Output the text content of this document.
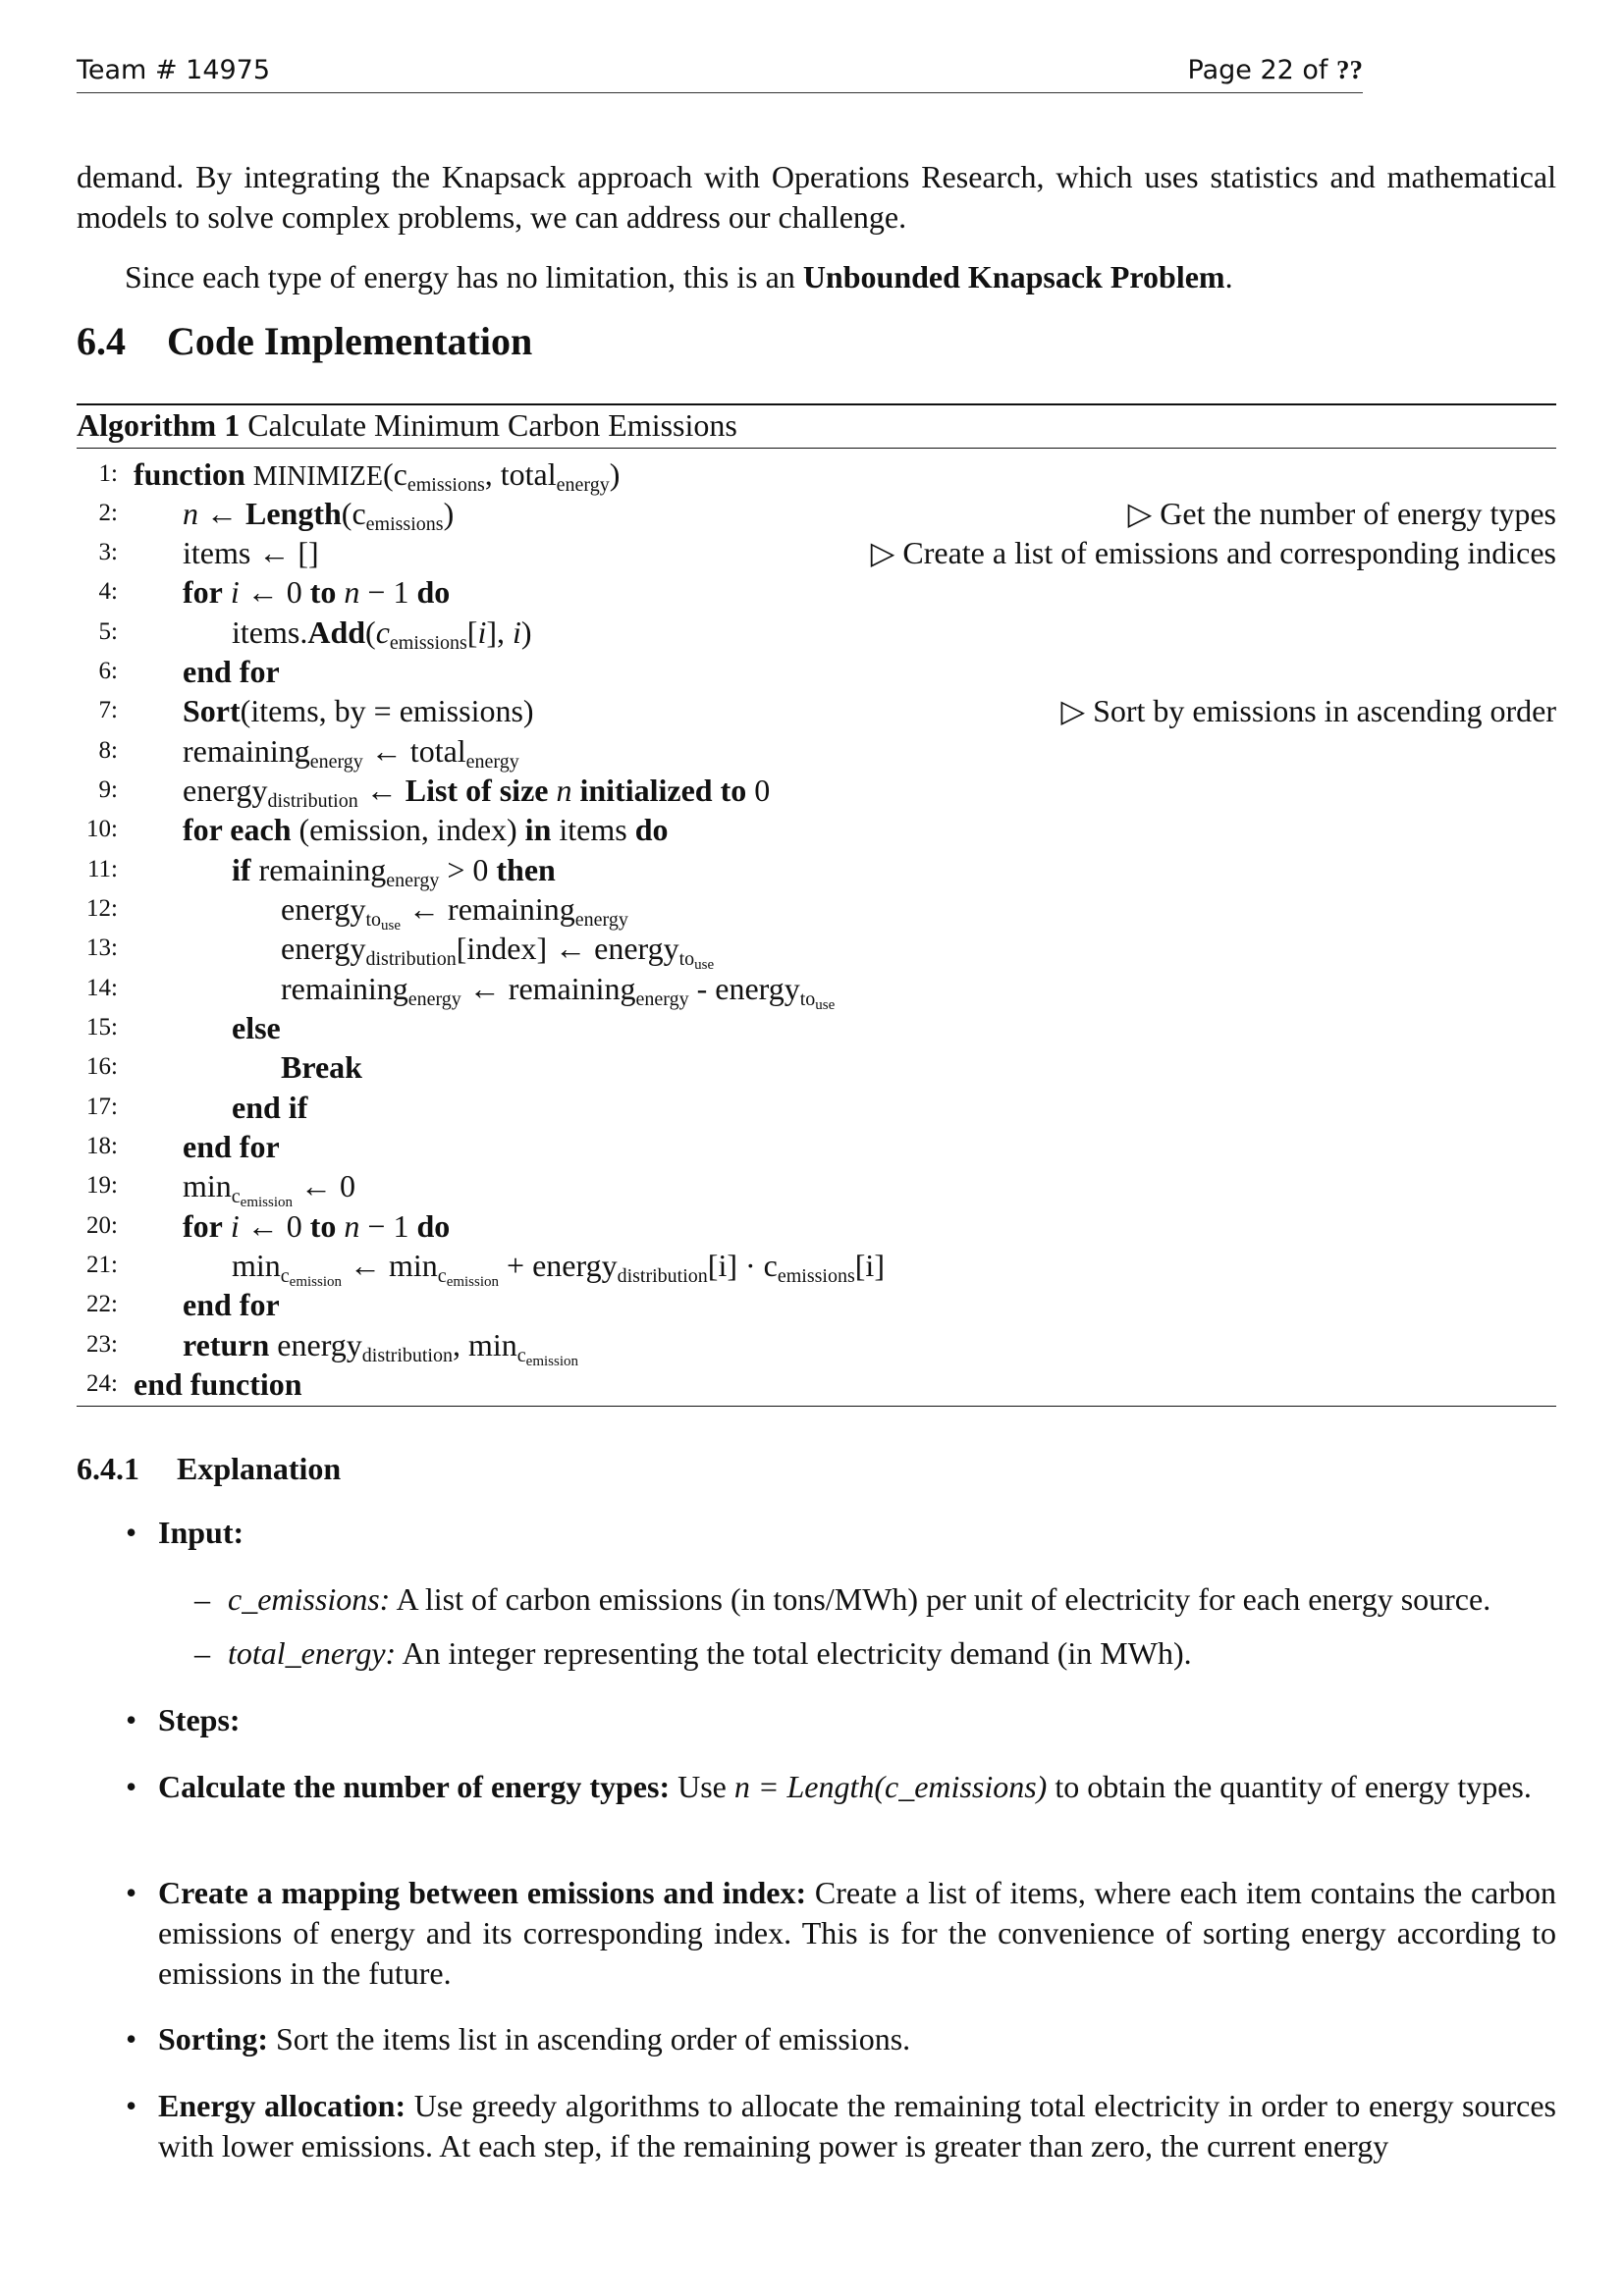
Team # 14975	Page 22 of ??
demand. By integrating the Knapsack approach with Operations Research, which uses statistics and mathematical models to solve complex problems, we can address our challenge.
Since each type of energy has no limitation, this is an Unbounded Knapsack Problem.
6.4 Code Implementation
Algorithm 1 Calculate Minimum Carbon Emissions
1: function $MINIMIZE(c_{emissions}$, total$_{energy}$)
2: n ← $Length(c_{emissions})$	▷ Get the number of energy types
3: items ← []	▷ Create a list of emissions and corresponding indices
4: for i ← 0 to n − 1 do
5:	$items.Add(c_{emissions}[i]$, i)
6: end for
7: Sort(items, by = emissions)	▷ Sort by emissions in ascending order
8: remaining$_{energy}$ ← total$_{energy}$
9: energy$_{distribution}$ ← List of size n initialized to 0
10: for each (emission, index) in items do
11:	if remaining$_{energy}$ > 0 then
12:	energy$_{to_{use}}$ ← remaining$_{energy}$
13:	energy$_{distribution}$[index] ← energy$_{to_{use}}$
14:	remaining$_{energy}$ ← remaining$_{energy}$ - energy$_{to_{use}}$
15:	else
16:	Break
17:	end if
18: end for
19: $\min_{c_{emission}}$ ← 0
20: for i ← 0 to n − 1 do
21:	$\min_{c_{emission}}$ ← $\min_{c_{emission}}$ + energy$_{distribution}$[i] · $c_{emissions}[i]$
22: end for
23: return energy$_{distribution}$, $\min_{c_{emission}}$
24: end function
6.4.1 Explanation
• Input:
– c_emissions: A list of carbon emissions (in tons/MWh) per unit of electricity for each energy source.
– total_energy: An integer representing the total electricity demand (in MWh).
• Steps:
• Calculate the number of energy types: Use n = Length(c_emissions) to obtain the quantity of energy types.
• Create a mapping between emissions and index: Create a list of items, where each item contains the carbon emissions of energy and its corresponding index. This is for the convenience of sorting energy according to emissions in the future.
• Sorting: Sort the items list in ascending order of emissions.
• Energy allocation: Use greedy algorithms to allocate the remaining total electricity in order to energy sources with lower emissions. At each step, if the remaining power is greater than zero, the current energy
